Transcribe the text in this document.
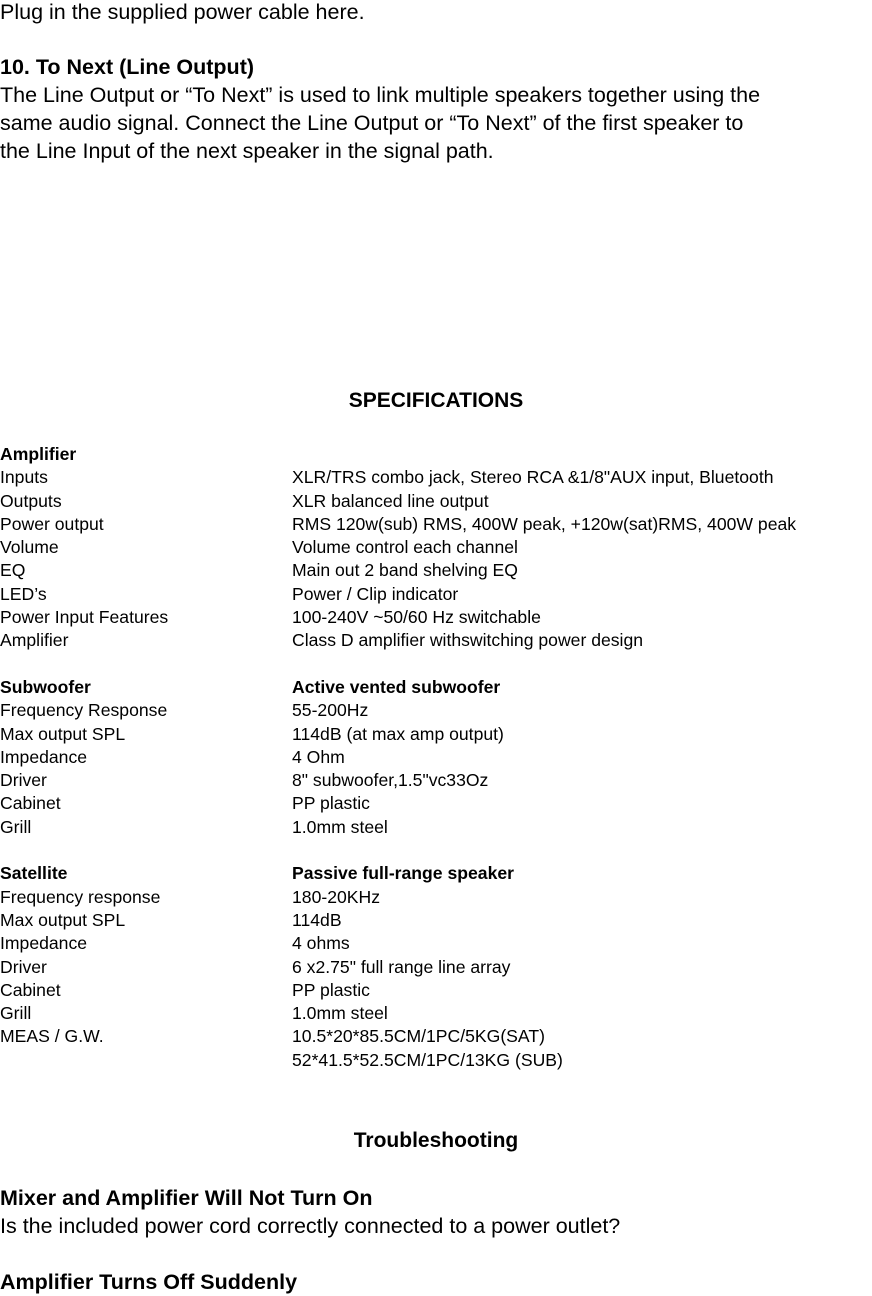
Plug in the supplied power cable here.
10. To Next (Line Output)
The Line Output or “To Next” is used to link multiple speakers together using the
same audio signal. Connect the Line Output or “To Next” of the first speaker to
the Line Input of the next speaker in the signal path.
SPECIFICATIONS
Amplifier
Inputs	XLR/TRS combo jack, Stereo RCA &1/8"AUX input, Bluetooth
Outputs	XLR balanced line output
Power output	RMS 120w(sub) RMS, 400W peak, +120w(sat)RMS, 400W peak
Volume	Volume control each channel
EQ	Main out 2 band shelving EQ
LED’s	Power / Clip indicator
Power Input Features	100-240V ~50/60 Hz switchable
Amplifier	Class D amplifier withswitching power design
Subwoofer	Active vented subwoofer
Frequency Response	55-200Hz
Max output SPL	114dB (at max amp output)
Impedance	4 Ohm
Driver	8" subwoofer,1.5"vc33Oz
Cabinet	PP plastic
Grill	1.0mm steel
Satellite	Passive full-range speaker
Frequency response	180-20KHz
Max output SPL	114dB
Impedance	4 ohms
Driver	6 x2.75" full range line array
Cabinet	PP plastic
Grill	1.0mm steel
MEAS / G.W.	10.5*20*85.5CM/1PC/5KG(SAT)
52*41.5*52.5CM/1PC/13KG (SUB)
Troubleshooting
Mixer and Amplifier Will Not Turn On
Is the included power cord correctly connected to a power outlet?
Amplifier Turns Off Suddenly
